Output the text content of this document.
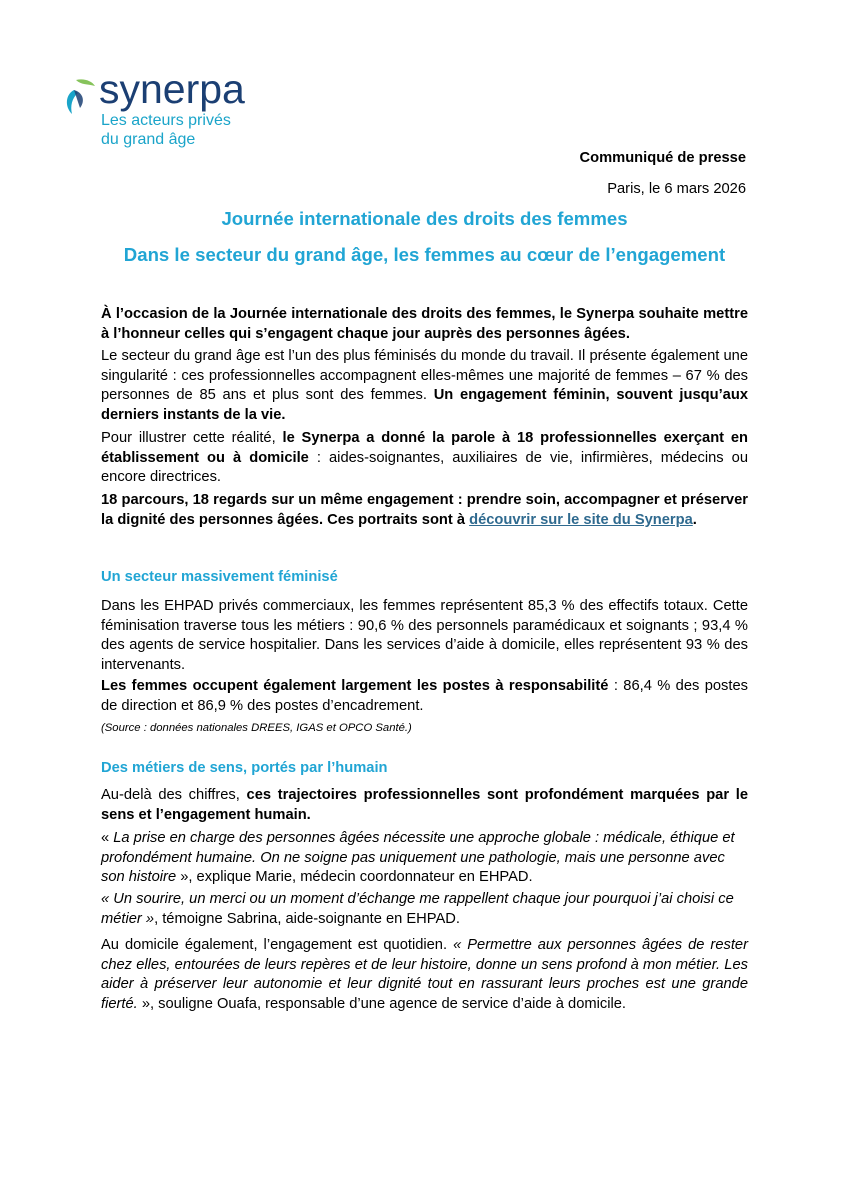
synerpa
Les acteurs privés
du grand âge
Communiqué de presse
Paris, le 6 mars 2026
Journée internationale des droits des femmes
Dans le secteur du grand âge, les femmes au cœur de l’engagement

À l’occasion de la Journée internationale des droits des femmes, le Synerpa souhaite mettre à l’honneur celles qui s’engagent chaque jour auprès des personnes âgées.

Le secteur du grand âge est l’un des plus féminisés du monde du travail. Il présente également une singularité : ces professionnelles accompagnent elles-mêmes une majorité de femmes – 67 % des personnes de 85 ans et plus sont des femmes. Un engagement féminin, souvent jusqu’aux derniers instants de la vie.

Pour illustrer cette réalité, le Synerpa a donné la parole à 18 professionnelles exerçant en établissement ou à domicile : aides-soignantes, auxiliaires de vie, infirmières, médecins ou encore directrices.

18 parcours, 18 regards sur un même engagement : prendre soin, accompagner et préserver la dignité des personnes âgées. Ces portraits sont à découvrir sur le site du Synerpa.

Un secteur massivement féminisé

Dans les EHPAD privés commerciaux, les femmes représentent 85,3 % des effectifs totaux. Cette féminisation traverse tous les métiers : 90,6 % des personnels paramédicaux et soignants ; 93,4 % des agents de service hospitalier. Dans les services d’aide à domicile, elles représentent 93 % des intervenants.

Les femmes occupent également largement les postes à responsabilité : 86,4 % des postes de direction et 86,9 % des postes d’encadrement.

(Source : données nationales DREES, IGAS et OPCO Santé.)
Des métiers de sens, portés par l’humain

Au-delà des chiffres, ces trajectoires professionnelles sont profondément marquées par le sens et l’engagement humain.

« La prise en charge des personnes âgées nécessite une approche globale : médicale, éthique et profondément humaine. On ne soigne pas uniquement une pathologie, mais une personne avec son histoire », explique Marie, médecin coordonnateur en EHPAD.

« Un sourire, un merci ou un moment d’échange me rappellent chaque jour pourquoi j’ai choisi ce métier », témoigne Sabrina, aide-soignante en EHPAD.

Au domicile également, l’engagement est quotidien. « Permettre aux personnes âgées de rester chez elles, entourées de leurs repères et de leur histoire, donne un sens profond à mon métier. Les aider à préserver leur autonomie et leur dignité tout en rassurant leurs proches est une grande fierté. », souligne Ouafa, responsable d’une agence de service d’aide à domicile.
